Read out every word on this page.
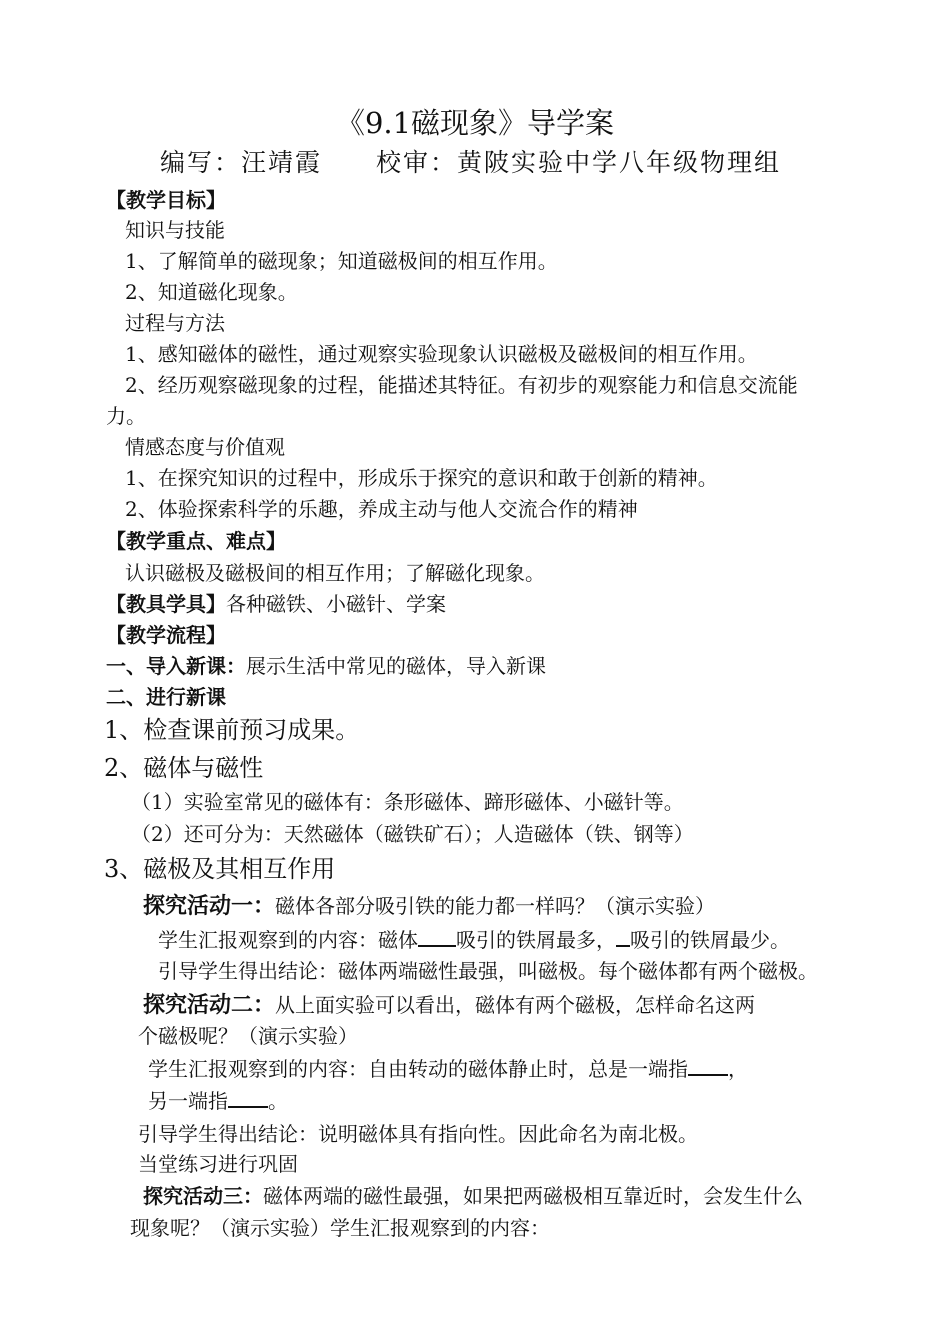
《9.1磁现象》导学案
编写：汪靖霞 校审：黄陂实验中学八年级物理组
【教学目标】
知识与技能
1、了解简单的磁现象；知道磁极间的相互作用。
2、知道磁化现象。
过程与方法
1、感知磁体的磁性，通过观察实验现象认识磁极及磁极间的相互作用。
2、经历观察磁现象的过程，能描述其特征。有初步的观察能力和信息交流能
力。
情感态度与价值观
1、在探究知识的过程中，形成乐于探究的意识和敢于创新的精神。
2、体验探索科学的乐趣，养成主动与他人交流合作的精神
【教学重点、难点】
认识磁极及磁极间的相互作用；了解磁化现象。
【教具学具】各种磁铁、小磁针、学案
【教学流程】
一、导入新课：展示生活中常见的磁体，导入新课
二、进行新课
1、检查课前预习成果。
2、磁体与磁性
（1）实验室常见的磁体有：条形磁体、蹄形磁体、小磁针等。
（2）还可分为：天然磁体（磁铁矿石）；人造磁体（铁、钢等）
3、磁极及其相互作用
探究活动一：磁体各部分吸引铁的能力都一样吗？（演示实验）
学生汇报观察到的内容：磁体 吸引的铁屑最多， 吸引的铁屑最少。
引导学生得出结论：磁体两端磁性最强，叫磁极。每个磁体都有两个磁极。
探究活动二：从上面实验可以看出，磁体有两个磁极，怎样命名这两
个磁极呢？（演示实验）
学生汇报观察到的内容：自由转动的磁体静止时，总是一端指 ，
另一端指 。
引导学生得出结论：说明磁体具有指向性。因此命名为南北极。
当堂练习进行巩固
探究活动三：磁体两端的磁性最强，如果把两磁极相互靠近时，会发生什么
现象呢？（演示实验）学生汇报观察到的内容：
